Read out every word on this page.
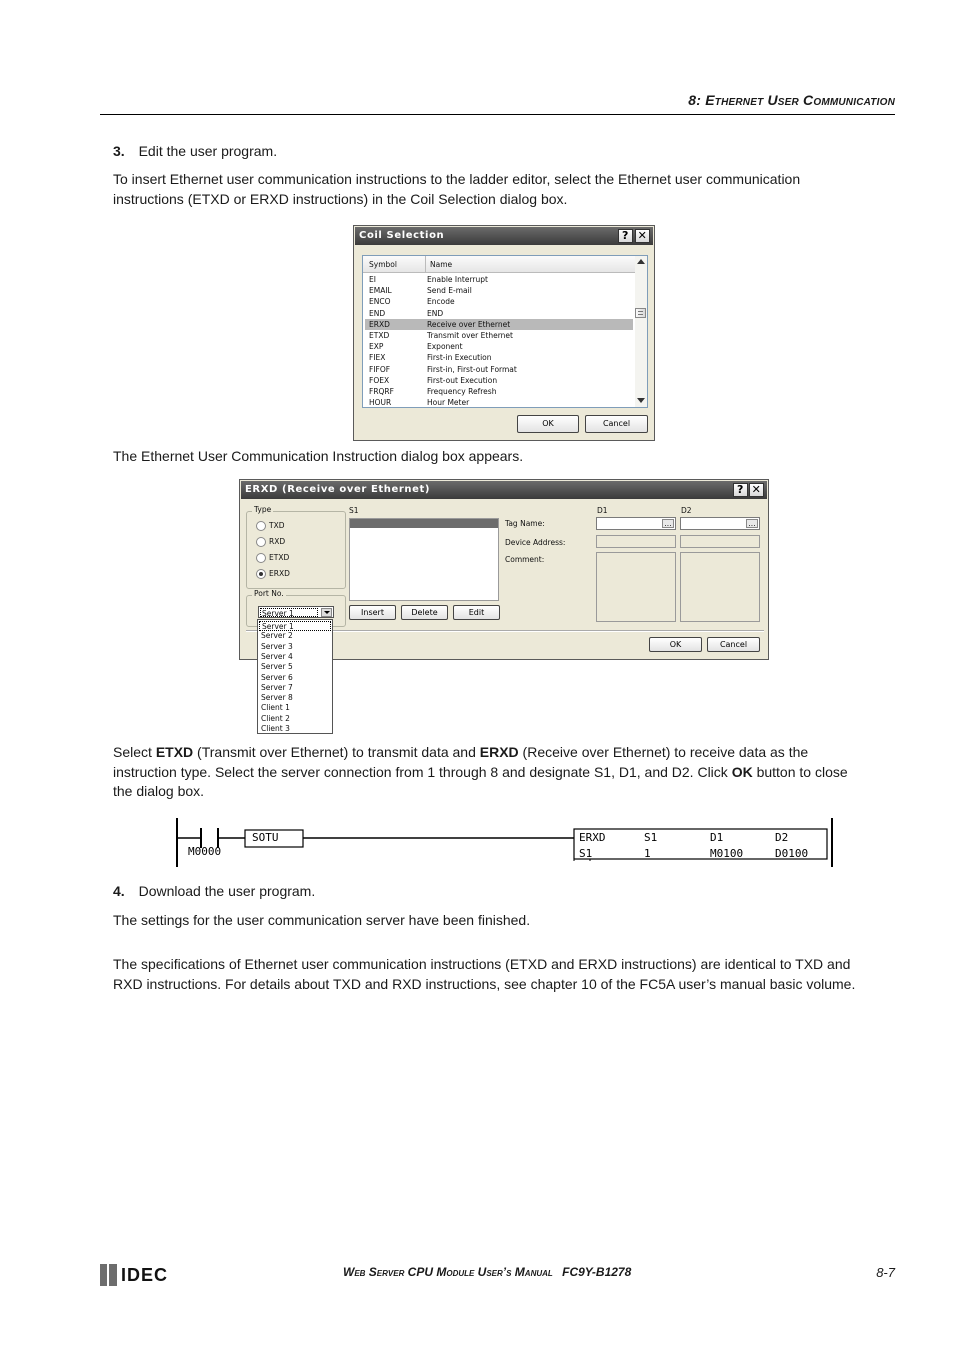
8: Ethernet User Communication
3. Edit the user program.
To insert Ethernet user communication instructions to the ladder editor, select the Ethernet user communication
instructions (ETXD or ERXD instructions) in the Coil Selection dialog box.
Coil Selection	? ✕
Symbol	Name
EI	Enable Interrupt
EMAIL	Send E-mail
ENCO	Encode
END	END
ERXD	Receive over Ethernet
ETXD	Transmit over Ethernet
EXP	Exponent
FIEX	First-in Execution
FIFOF	First-in, First-out Format
FOEX	First-out Execution
FRQRF	Frequency Refresh
HOUR	Hour Meter
OK	Cancel
The Ethernet User Communication Instruction dialog box appears.
ERXD (Receive over Ethernet)	? ✕
Type
TXD
RXD
ETXD
ERXD
Port No.
Server 1
S1
Insert	Delete	Edit
Tag Name:
Device Address:
Comment:
D1
...
D2
...
OK	Cancel
Server 1
Server 2
Server 3
Server 4
Server 5
Server 6
Server 7
Server 8
Client 1
Client 2
Client 3
Select ETXD (Transmit over Ethernet) to transmit data and ERXD (Receive over Ethernet) to receive data as the
instruction type. Select the server connection from 1 through 8 and designate S1, D1, and D2. Click OK button to close
the dialog box.
M0000
SOTU	ERXD	S1	D1	D2
S1	1	M0100	D0100
4. Download the user program.
The settings for the user communication server have been finished.
The specifications of Ethernet user communication instructions (ETXD and ERXD instructions) are identical to TXD and
RXD instructions. For details about TXD and RXD instructions, see chapter 10 of the FC5A user’s manual basic volume.
IDEC	Web Server CPU Module User’s Manual FC9Y-B1278	8-7
